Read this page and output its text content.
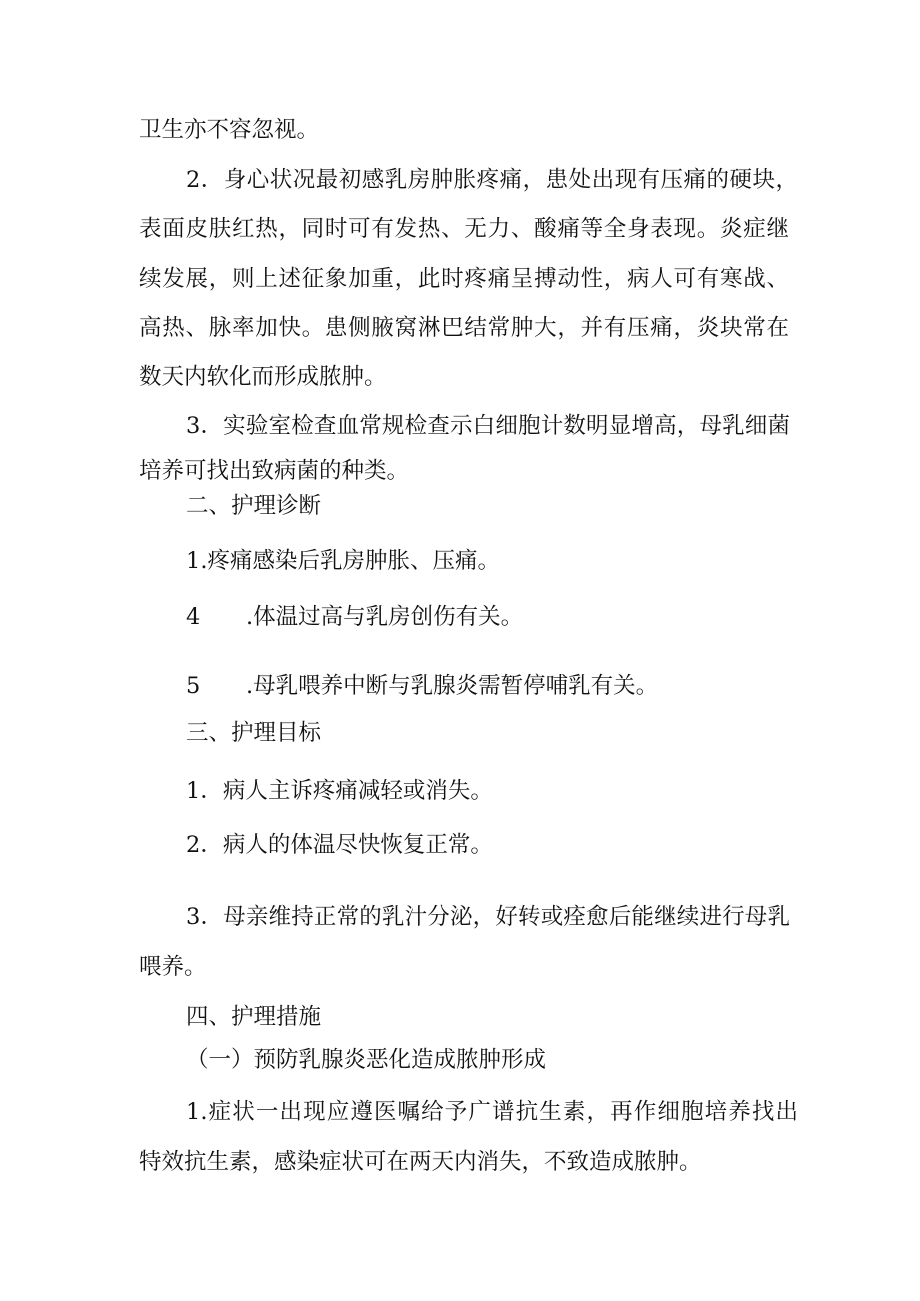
卫生亦不容忽视。
2．身心状况最初感乳房肿胀疼痛，患处出现有压痛的硬块，
表面皮肤红热，同时可有发热、无力、酸痛等全身表现。炎症继
续发展，则上述征象加重，此时疼痛呈搏动性，病人可有寒战、
高热、脉率加快。患侧腋窝淋巴结常肿大，并有压痛，炎块常在
数天内软化而形成脓肿。
3．实验室检查血常规检查示白细胞计数明显增高，母乳细菌
培养可找出致病菌的种类。
二、护理诊断
1.疼痛感染后乳房肿胀、压痛。
4 .体温过高与乳房创伤有关。
5 .母乳喂养中断与乳腺炎需暂停哺乳有关。
三、护理目标
1．病人主诉疼痛减轻或消失。
2．病人的体温尽快恢复正常。
3．母亲维持正常的乳汁分泌，好转或痊愈后能继续进行母乳
喂养。
四、护理措施
（一）预防乳腺炎恶化造成脓肿形成
1.症状一出现应遵医嘱给予广谱抗生素，再作细胞培养找出
特效抗生素，感染症状可在两天内消失，不致造成脓肿。
